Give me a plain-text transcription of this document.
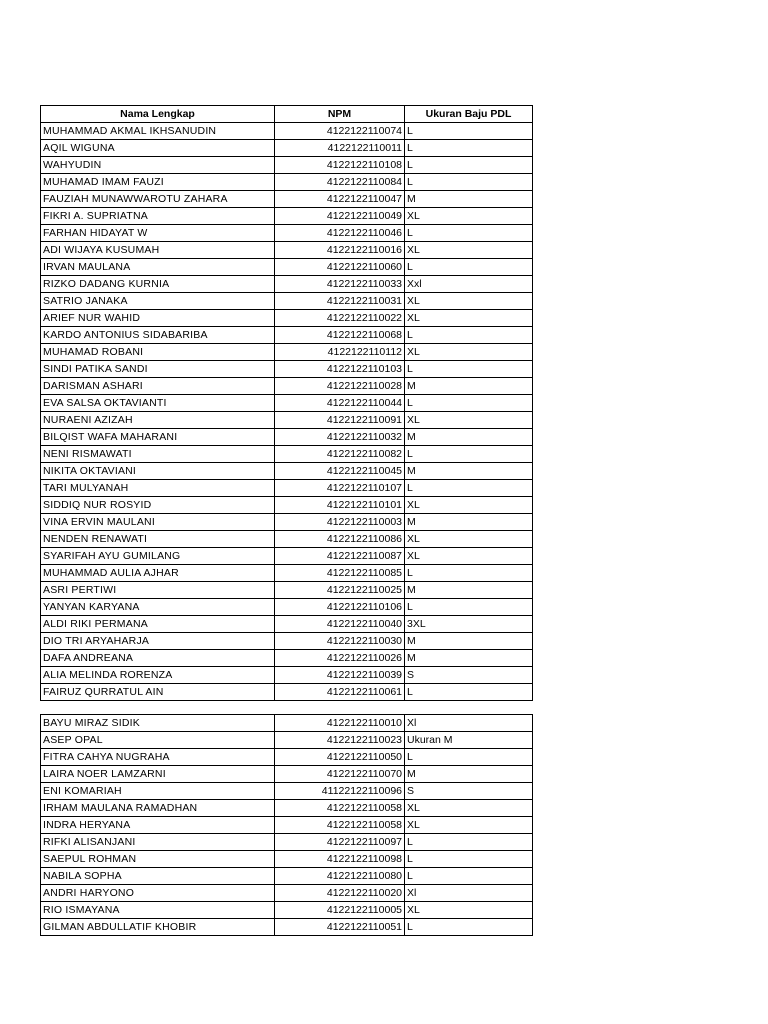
Nama Lengkap	NPM	Ukuran Baju PDL
MUHAMMAD AKMAL IKHSANUDIN	4122122110074	L
AQIL WIGUNA	4122122110011	L
WAHYUDIN	4122122110108	L
MUHAMAD IMAM FAUZI	4122122110084	L
FAUZIAH MUNAWWAROTU ZAHARA	4122122110047	M
FIKRI A. SUPRIATNA	4122122110049	XL
FARHAN HIDAYAT W	4122122110046	L
ADI WIJAYA KUSUMAH	4122122110016	XL
IRVAN MAULANA	4122122110060	L
RIZKO DADANG KURNIA	4122122110033	Xxl
SATRIO JANAKA	4122122110031	XL
ARIEF NUR WAHID	4122122110022	XL
KARDO ANTONIUS SIDABARIBA	4122122110068	L
MUHAMAD ROBANI	4122122110112	XL
SINDI PATIKA SANDI	4122122110103	L
DARISMAN ASHARI	4122122110028	M
EVA SALSA OKTAVIANTI	4122122110044	L
NURAENI AZIZAH	4122122110091	XL
BILQIST WAFA MAHARANI	4122122110032	M
NENI RISMAWATI	4122122110082	L
NIKITA OKTAVIANI	4122122110045	M
TARI MULYANAH	4122122110107	L
SIDDIQ NUR ROSYID	4122122110101	XL
VINA ERVIN MAULANI	4122122110003	M
NENDEN RENAWATI	4122122110086	XL
SYARIFAH AYU GUMILANG	4122122110087	XL
MUHAMMAD AULIA AJHAR	4122122110085	L
ASRI PERTIWI	4122122110025	M
YANYAN KARYANA	4122122110106	L
ALDI RIKI PERMANA	4122122110040	3XL
DIO TRI ARYAHARJA	4122122110030	M
DAFA ANDREANA	4122122110026	M
ALIA MELINDA RORENZA	4122122110039	S
FAIRUZ QURRATUL AIN	4122122110061	L
BAYU MIRAZ SIDIK	4122122110010	Xl
ASEP OPAL	4122122110023	Ukuran M
FITRA CAHYA NUGRAHA	4122122110050	L
LAIRA NOER LAMZARNI	4122122110070	M
ENI KOMARIAH	41122122110096	S
IRHAM MAULANA RAMADHAN	4122122110058	XL
INDRA HERYANA	4122122110058	XL
RIFKI ALISANJANI	4122122110097	L
SAEPUL ROHMAN	4122122110098	L
NABILA SOPHA	4122122110080	L
ANDRI HARYONO	4122122110020	Xl
RIO ISMAYANA	4122122110005	XL
GILMAN ABDULLATIF KHOBIR	4122122110051	L
